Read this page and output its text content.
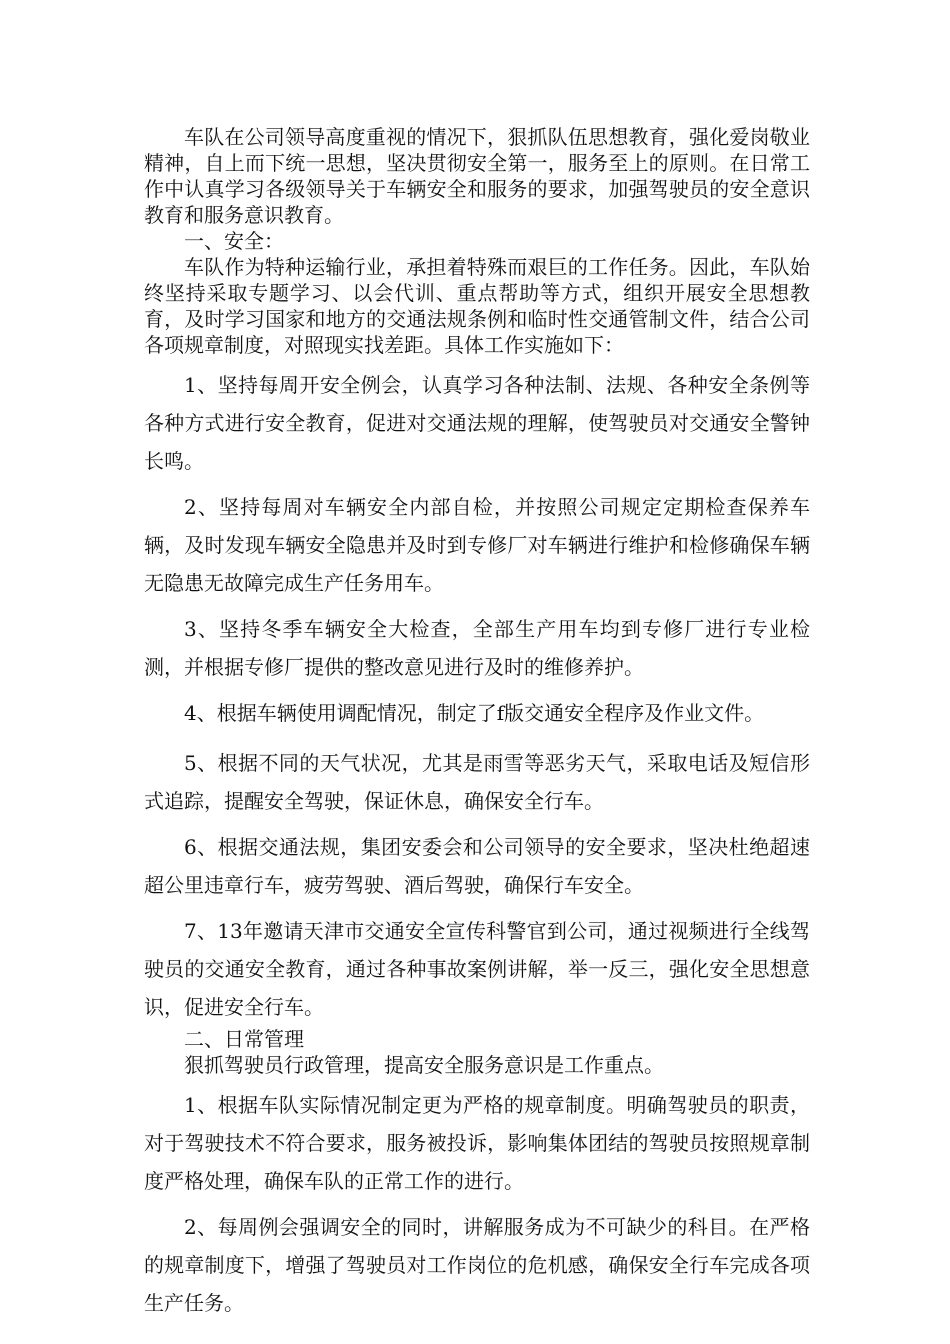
车队在公司领导高度重视的情况下，狠抓队伍思想教育，强化爱岗敬业精神，自上而下统一思想，坚决贯彻安全第一，服务至上的原则。在日常工作中认真学习各级领导关于车辆安全和服务的要求，加强驾驶员的安全意识教育和服务意识教育。

一、安全：

车队作为特种运输行业，承担着特殊而艰巨的工作任务。因此，车队始终坚持采取专题学习、以会代训、重点帮助等方式，组织开展安全思想教育，及时学习国家和地方的交通法规条例和临时性交通管制文件，结合公司各项规章制度，对照现实找差距。具体工作实施如下：

1、坚持每周开安全例会，认真学习各种法制、法规、各种安全条例等各种方式进行安全教育，促进对交通法规的理解，使驾驶员对交通安全警钟长鸣。

2、坚持每周对车辆安全内部自检，并按照公司规定定期检查保养车辆，及时发现车辆安全隐患并及时到专修厂对车辆进行维护和检修确保车辆无隐患无故障完成生产任务用车。

3、坚持冬季车辆安全大检查，全部生产用车均到专修厂进行专业检测，并根据专修厂提供的整改意见进行及时的维修养护。

4、根据车辆使用调配情况，制定了f版交通安全程序及作业文件。

5、根据不同的天气状况，尤其是雨雪等恶劣天气，采取电话及短信形式追踪，提醒安全驾驶，保证休息，确保安全行车。

6、根据交通法规，集团安委会和公司领导的安全要求，坚决杜绝超速超公里违章行车，疲劳驾驶、酒后驾驶，确保行车安全。

7、13年邀请天津市交通安全宣传科警官到公司，通过视频进行全线驾驶员的交通安全教育，通过各种事故案例讲解，举一反三，强化安全思想意识，促进安全行车。

二、日常管理

狠抓驾驶员行政管理，提高安全服务意识是工作重点。

1、根据车队实际情况制定更为严格的规章制度。明确驾驶员的职责，对于驾驶技术不符合要求，服务被投诉，影响集体团结的驾驶员按照规章制度严格处理，确保车队的正常工作的进行。

2、每周例会强调安全的同时，讲解服务成为不可缺少的科目。在严格的规章制度下，增强了驾驶员对工作岗位的危机感，确保安全行车完成各项生产任务。
